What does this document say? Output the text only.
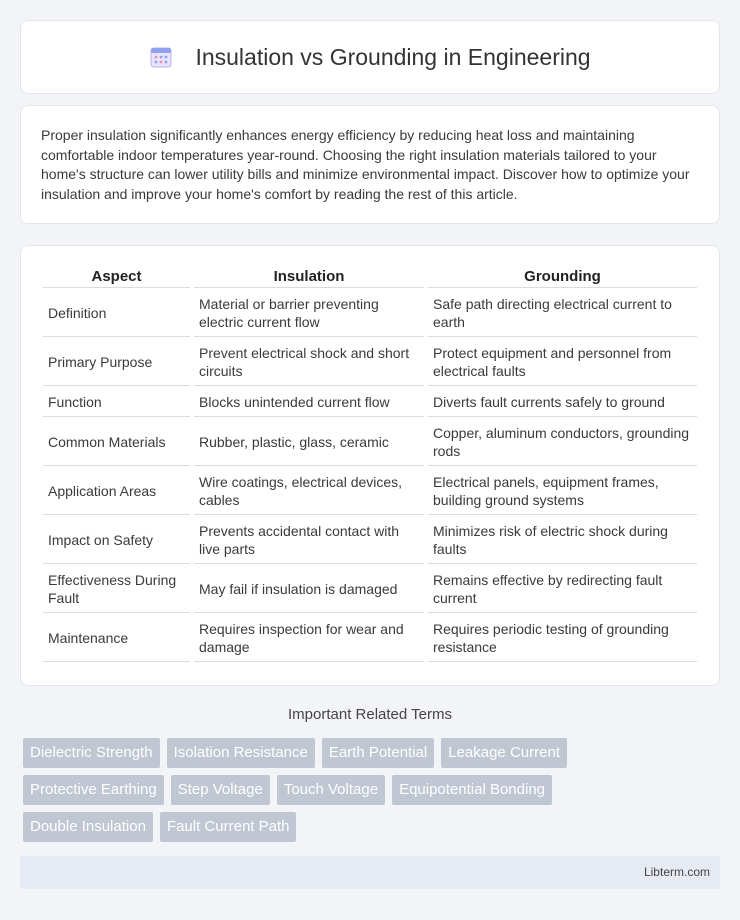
Insulation vs Grounding in Engineering

Proper insulation significantly enhances energy efficiency by reducing heat loss and maintaining comfortable indoor temperatures year-round. Choosing the right insulation materials tailored to your home's structure can lower utility bills and minimize environmental impact. Discover how to optimize your insulation and improve your home's comfort by reading the rest of this article.

Aspect	Insulation	Grounding
Definition	Material or barrier preventing electric current flow	Safe path directing electrical current to earth
Primary Purpose	Prevent electrical shock and short circuits	Protect equipment and personnel from electrical faults
Function	Blocks unintended current flow	Diverts fault currents safely to ground
Common Materials	Rubber, plastic, glass, ceramic	Copper, aluminum conductors, grounding rods
Application Areas	Wire coatings, electrical devices, cables	Electrical panels, equipment frames, building ground systems
Impact on Safety	Prevents accidental contact with live parts	Minimizes risk of electric shock during faults
Effectiveness During Fault	May fail if insulation is damaged	Remains effective by redirecting fault current
Maintenance	Requires inspection for wear and damage	Requires periodic testing of grounding resistance
Important Related Terms
Dielectric Strength	Isolation Resistance	Earth Potential	Leakage Current
Protective Earthing	Step Voltage	Touch Voltage	Equipotential Bonding
Double Insulation	Fault Current Path
Libterm.com
